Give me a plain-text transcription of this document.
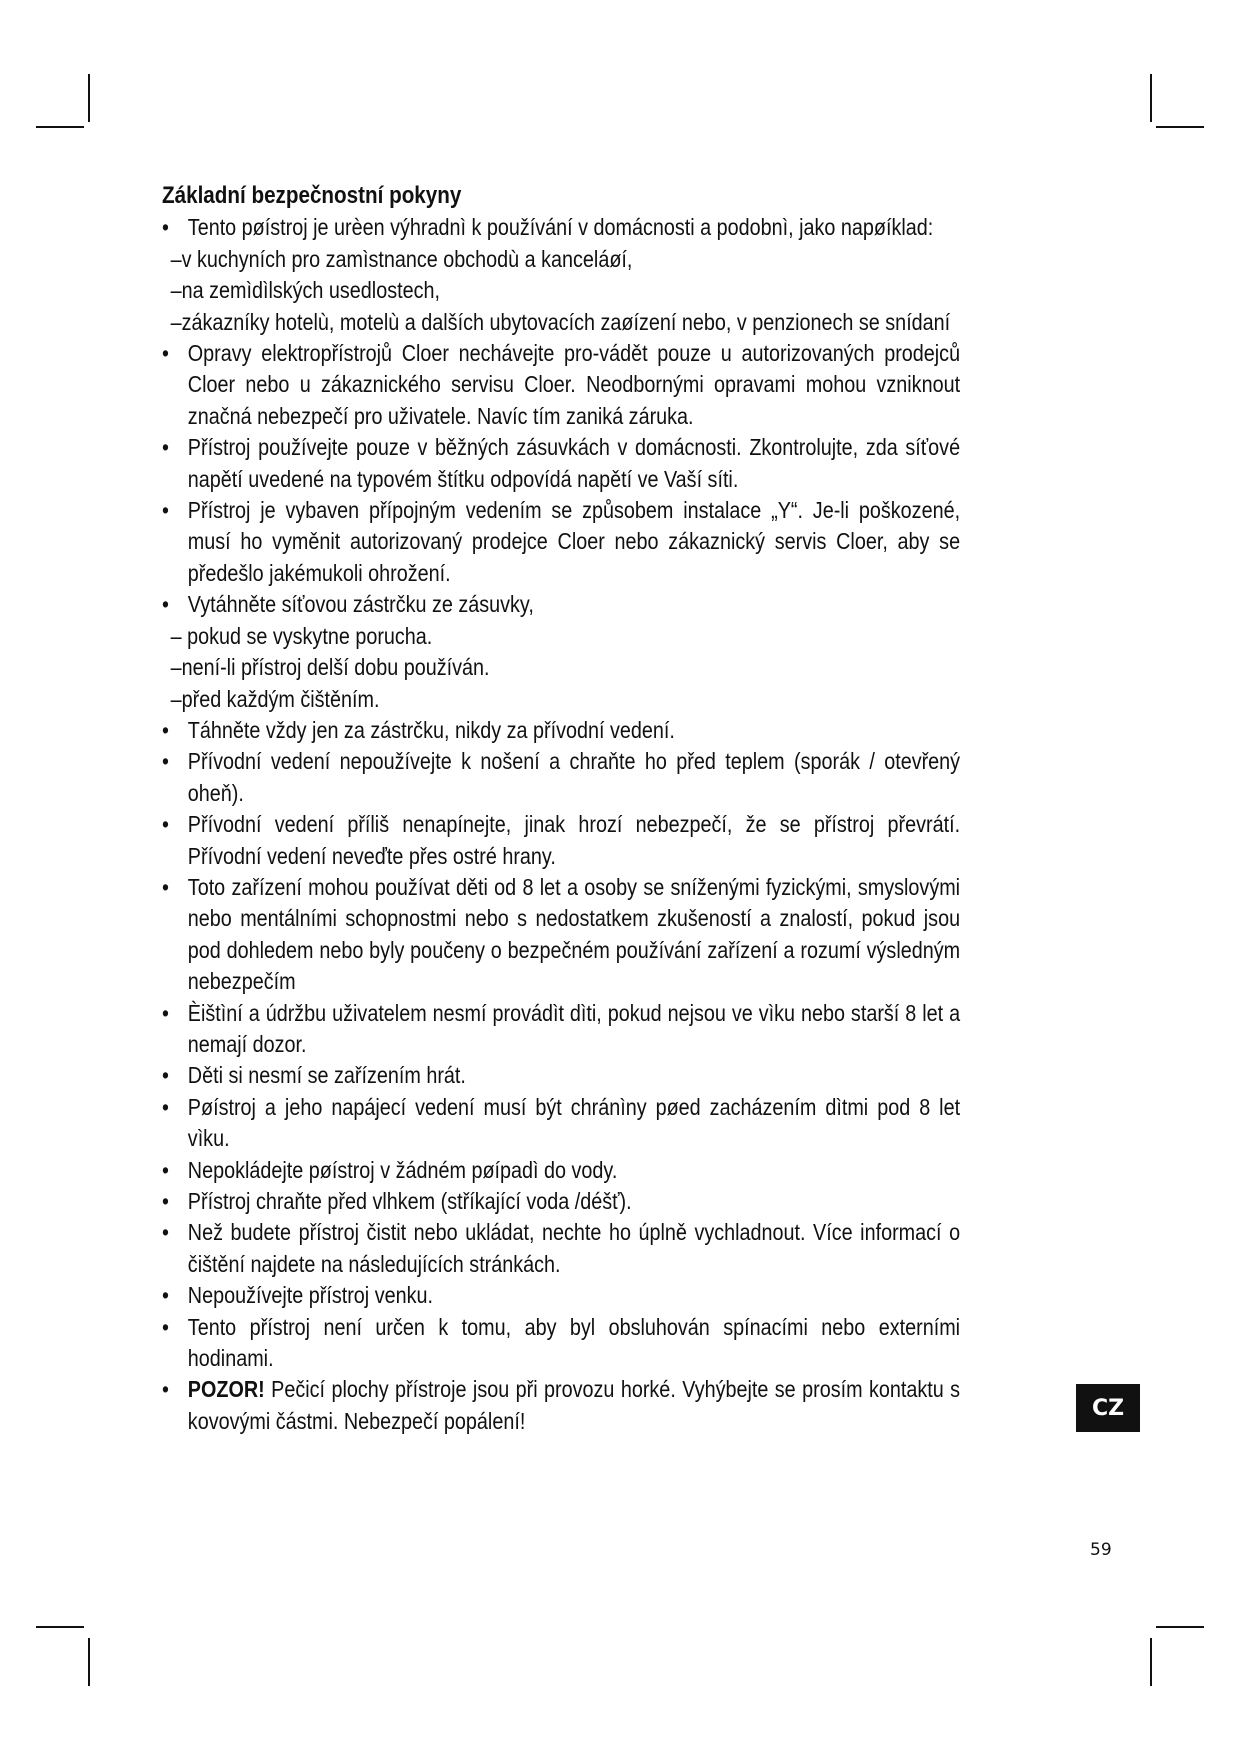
Základní bezpečnostní pokyny
• Tento pøístroj je urèen výhradnì k používání v domácnosti a podobnì, jako napøíklad:
–v kuchyních pro zamìstnance obchodù a kanceláøí,
–na zemìdìlských usedlostech,
–zákazníky hotelù, motelù a dalších ubytovacích zaøízení nebo, v penzionech se snídaní
• Opravy elektropřístrojů Cloer nechávejte pro-vádět pouze u autorizovaných prodejců Cloer nebo u zákaznického servisu Cloer. Neodbornými opravami mohou vzniknout značná nebezpečí pro uživatele. Navíc tím zaniká záruka.
• Přístroj používejte pouze v běžných zásuvkách v domácnosti. Zkontrolujte, zda síťové napětí uvedené na typovém štítku odpovídá napětí ve Vaší síti.
• Přístroj je vybaven přípojným vedením se způsobem instalace „Y“. Je-li poškozené, musí ho vyměnit autorizovaný prodejce Cloer nebo zákaznický servis Cloer, aby se předešlo jakémukoli ohrožení.
• Vytáhněte síťovou zástrčku ze zásuvky,
– pokud se vyskytne porucha.
–není-li přístroj delší dobu používán.
–před každým čištěním.
• Táhněte vždy jen za zástrčku, nikdy za přívodní vedení.
• Přívodní vedení nepoužívejte k nošení a chraňte ho před teplem (sporák / otevřený oheň).
• Přívodní vedení příliš nenapínejte, jinak hrozí nebezpečí, že se přístroj převrátí. Přívodní vedení neveďte přes ostré hrany.
• Toto zařízení mohou používat děti od 8 let a osoby se sníženými fyzickými, smyslovými nebo mentálními schopnostmi nebo s nedostatkem zkušeností a znalostí, pokud jsou pod dohledem nebo byly poučeny o bezpečném používání zařízení a rozumí výsledným nebezpečím
• Èištìní a údržbu uživatelem nesmí provádìt dìti, pokud nejsou ve vìku nebo starší 8 let a nemají dozor.
• Děti si nesmí se zařízením hrát.
• Pøístroj a jeho napájecí vedení musí být chránìny pøed zacházením dìtmi pod 8 let vìku.
• Nepokládejte pøístroj v žádném pøípadì do vody.
• Přístroj chraňte před vlhkem (stříkající voda /déšť).
• Než budete přístroj čistit nebo ukládat, nechte ho úplně vychladnout. Více informací o čištění najdete na následujících stránkách.
• Nepoužívejte přístroj venku.
• Tento přístroj není určen k tomu, aby byl obsluhován spínacími nebo externími hodinami.
• POZOR! Pečicí plochy přístroje jsou při provozu horké. Vyhýbejte se prosím kontaktu s kovovými částmi. Nebezpečí popálení!	CZ
59
